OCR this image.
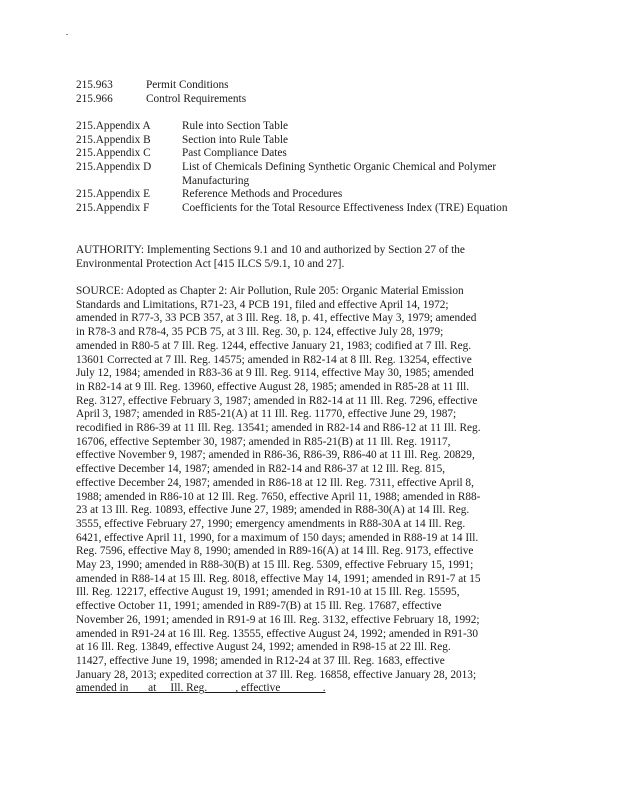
215.963	Permit Conditions
215.966	Control Requirements
215.Appendix A	Rule into Section Table
215.Appendix B	Section into Rule Table
215.Appendix C	Past Compliance Dates
215.Appendix D	List of Chemicals Defining Synthetic Organic Chemical and Polymer Manufacturing
215.Appendix E	Reference Methods and Procedures
215.Appendix F	Coefficients for the Total Resource Effectiveness Index (TRE) Equation

AUTHORITY: Implementing Sections 9.1 and 10 and authorized by Section 27 of the
Environmental Protection Act [415 ILCS 5/9.1, 10 and 27].

SOURCE: Adopted as Chapter 2: Air Pollution, Rule 205: Organic Material Emission
Standards and Limitations, R71-23, 4 PCB 191, filed and effective April 14, 1972;
amended in R77-3, 33 PCB 357, at 3 Ill. Reg. 18, p. 41, effective May 3, 1979; amended
in R78-3 and R78-4, 35 PCB 75, at 3 Ill. Reg. 30, p. 124, effective July 28, 1979;
amended in R80-5 at 7 Ill. Reg. 1244, effective January 21, 1983; codified at 7 Ill. Reg.
13601 Corrected at 7 Ill. Reg. 14575; amended in R82-14 at 8 Ill. Reg. 13254, effective
July 12, 1984; amended in R83-36 at 9 Ill. Reg. 9114, effective May 30, 1985; amended
in R82-14 at 9 Ill. Reg. 13960, effective August 28, 1985; amended in R85-28 at 11 Ill.
Reg. 3127, effective February 3, 1987; amended in R82-14 at 11 Ill. Reg. 7296, effective
April 3, 1987; amended in R85-21(A) at 11 Ill. Reg. 11770, effective June 29, 1987;
recodified in R86-39 at 11 Ill. Reg. 13541; amended in R82-14 and R86-12 at 11 Ill. Reg.
16706, effective September 30, 1987; amended in R85-21(B) at 11 Ill. Reg. 19117,
effective November 9, 1987; amended in R86-36, R86-39, R86-40 at 11 Ill. Reg. 20829,
effective December 14, 1987; amended in R82-14 and R86-37 at 12 Ill. Reg. 815,
effective December 24, 1987; amended in R86-18 at 12 Ill. Reg. 7311, effective April 8,
1988; amended in R86-10 at 12 Ill. Reg. 7650, effective April 11, 1988; amended in R88-
23 at 13 Ill. Reg. 10893, effective June 27, 1989; amended in R88-30(A) at 14 Ill. Reg.
3555, effective February 27, 1990; emergency amendments in R88-30A at 14 Ill. Reg.
6421, effective April 11, 1990, for a maximum of 150 days; amended in R88-19 at 14 Ill.
Reg. 7596, effective May 8, 1990; amended in R89-16(A) at 14 Ill. Reg. 9173, effective
May 23, 1990; amended in R88-30(B) at 15 Ill. Reg. 5309, effective February 15, 1991;
amended in R88-14 at 15 Ill. Reg. 8018, effective May 14, 1991; amended in R91-7 at 15
Ill. Reg. 12217, effective August 19, 1991; amended in R91-10 at 15 Ill. Reg. 15595,
effective October 11, 1991; amended in R89-7(B) at 15 Ill. Reg. 17687, effective
November 26, 1991; amended in R91-9 at 16 Ill. Reg. 3132, effective February 18, 1992;
amended in R91-24 at 16 Ill. Reg. 13555, effective August 24, 1992; amended in R91-30
at 16 Ill. Reg. 13849, effective August 24, 1992; amended in R98-15 at 22 Ill. Reg.
11427, effective June 19, 1998; amended in R12-24 at 37 Ill. Reg. 1683, effective
January 28, 2013; expedited correction at 37 Ill. Reg. 16858, effective January 28, 2013;
amended in       at     Ill. Reg.          , effective               .
